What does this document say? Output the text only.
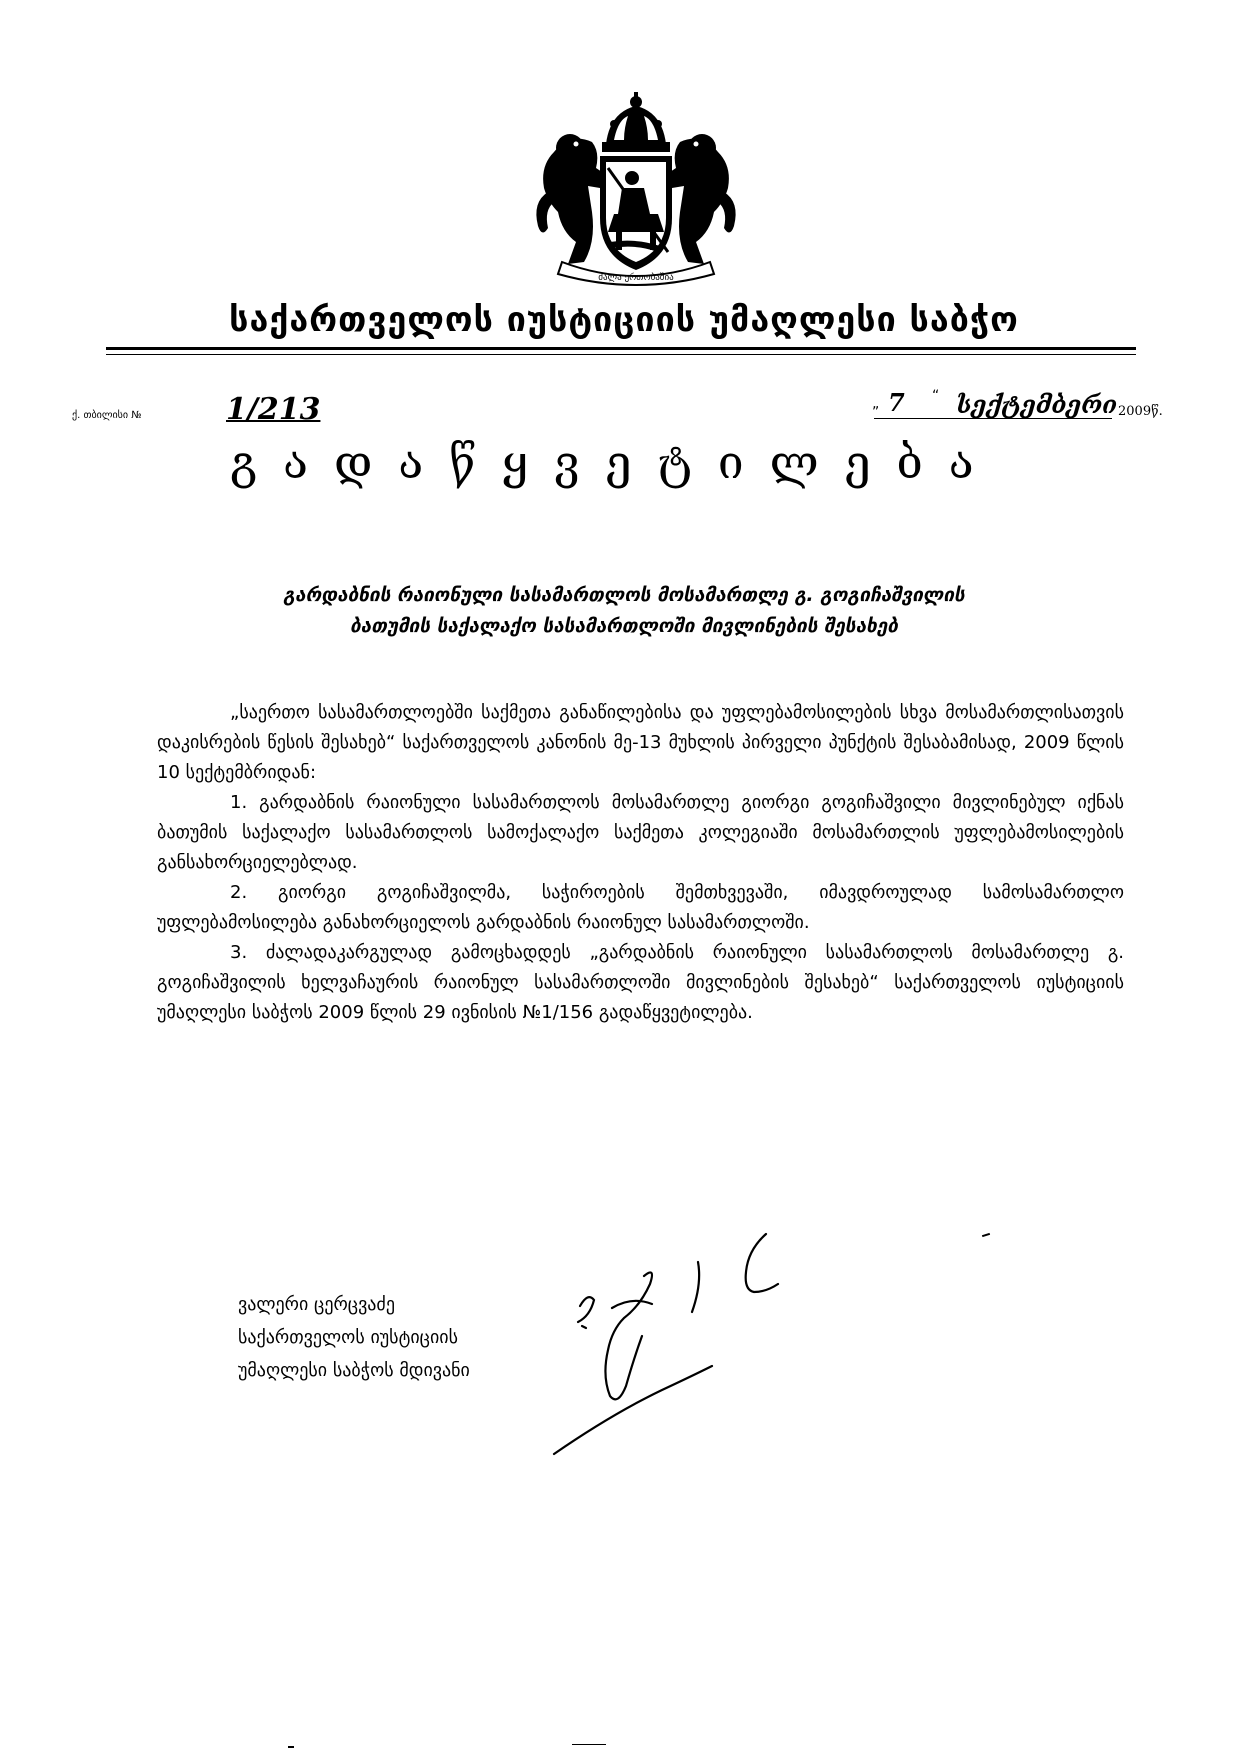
ძალა ერთობაშია
საქართველოს იუსტიციის უმაღლესი საბჭო
ქ. თბილისი №	1/213	„ 7 “ სექტემბერი 2009წ.
გადაწყვეტილება
გარდაბნის რაიონული სასამართლოს მოსამართლე გ. გოგიჩაშვილის
ბათუმის საქალაქო სასამართლოში მივლინების შესახებ

„საერთო სასამართლოებში საქმეთა განაწილებისა და უფლებამოსილების სხვა მოსამართლისათვის დაკისრების წესის შესახებ“ საქართველოს კანონის მე-13 მუხლის პირველი პუნქტის შესაბამისად, 2009 წლის 10 სექტემბრიდან:

1. გარდაბნის რაიონული სასამართლოს მოსამართლე გიორგი გოგიჩაშვილი მივლინებულ იქნას ბათუმის საქალაქო სასამართლოს სამოქალაქო საქმეთა კოლეგიაში მოსამართლის უფლებამოსილების განსახორციელებლად.

2. გიორგი გოგიჩაშვილმა, საჭიროების შემთხვევაში, იმავდროულად სამოსამართლო უფლებამოსილება განახორციელოს გარდაბნის რაიონულ სასამართლოში.

3. ძალადაკარგულად გამოცხადდეს „გარდაბნის რაიონული სასამართლოს მოსამართლე გ. გოგიჩაშვილის ხელვაჩაურის რაიონულ სასამართლოში მივლინების შესახებ“ საქართველოს იუსტიციის უმაღლესი საბჭოს 2009 წლის 29 ივნისის №1/156 გადაწყვეტილება.

ვალერი ცერცვაძე
საქართველოს იუსტიციის
უმაღლესი საბჭოს მდივანი
